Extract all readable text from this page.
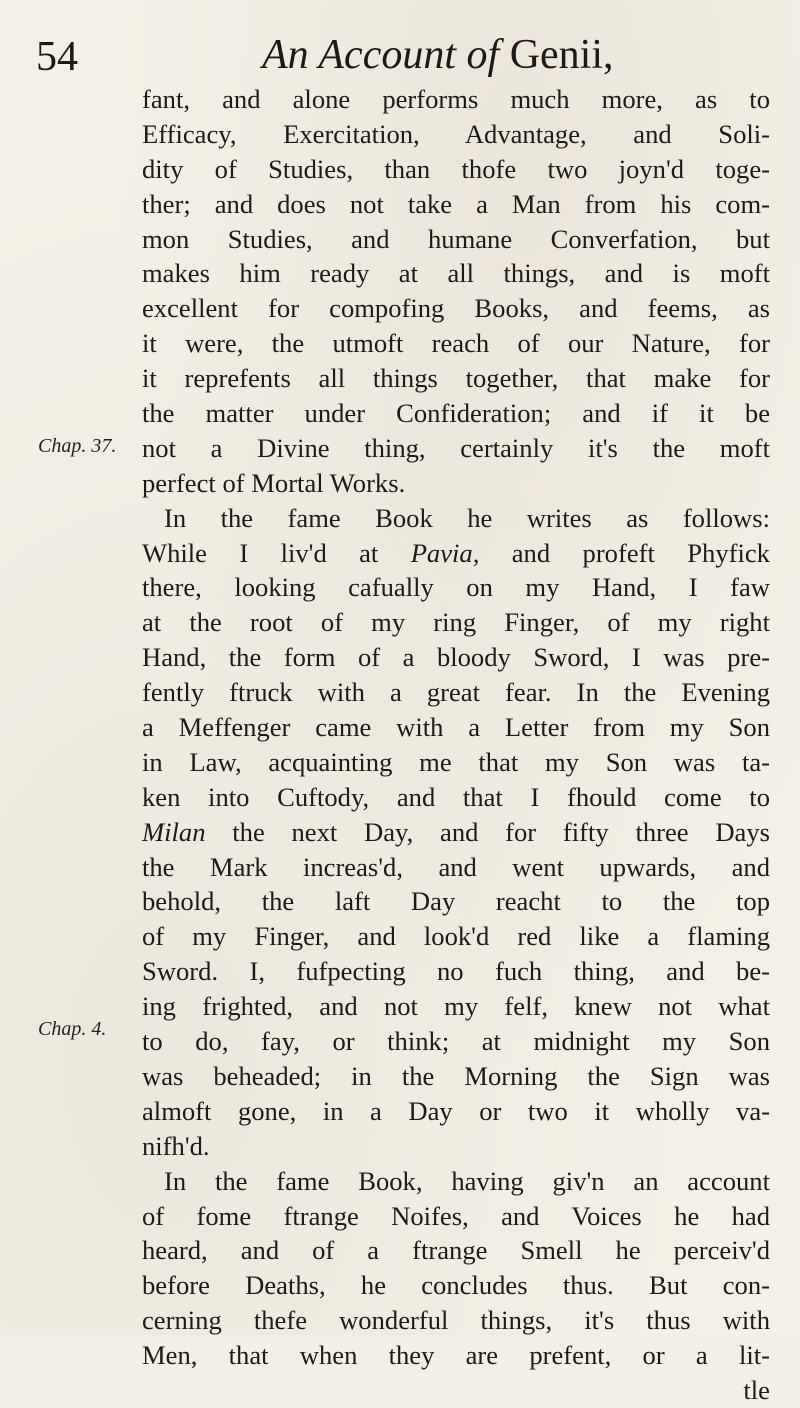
54	An Account of Genii,
Chap. 37.
Chap. 4.
fant, and alone performs much more, as to
Efficacy, Exercitation, Advantage, and Soli-
dity of Studies, than thofe two joyn'd toge-
ther; and does not take a Man from his com-
mon Studies, and humane Converfation, but
makes him ready at all things, and is moft
excellent for compofing Books, and feems, as
it were, the utmoft reach of our Nature, for
it reprefents all things together, that make for
the matter under Confideration; and if it be
not a Divine thing, certainly it's the moft
perfect of Mortal Works.
In the fame Book he writes as follows:
While I liv'd at Pavia, and profeft Phyfick
there, looking cafually on my Hand, I faw
at the root of my ring Finger, of my right
Hand, the form of a bloody Sword, I was pre-
fently ftruck with a great fear. In the Evening
a Meffenger came with a Letter from my Son
in Law, acquainting me that my Son was ta-
ken into Cuftody, and that I fhould come to
Milan the next Day, and for fifty three Days
the Mark increas'd, and went upwards, and
behold, the laft Day reacht to the top
of my Finger, and look'd red like a flaming
Sword. I, fufpecting no fuch thing, and be-
ing frighted, and not my felf, knew not what
to do, fay, or think; at midnight my Son
was beheaded; in the Morning the Sign was
almoft gone, in a Day or two it wholly va-
nifh'd.
In the fame Book, having giv'n an account
of fome ftrange Noifes, and Voices he had
heard, and of a ftrange Smell he perceiv'd
before Deaths, he concludes thus. But con-
cerning thefe wonderful things, it's thus with
Men, that when they are prefent, or a lit-
tle
